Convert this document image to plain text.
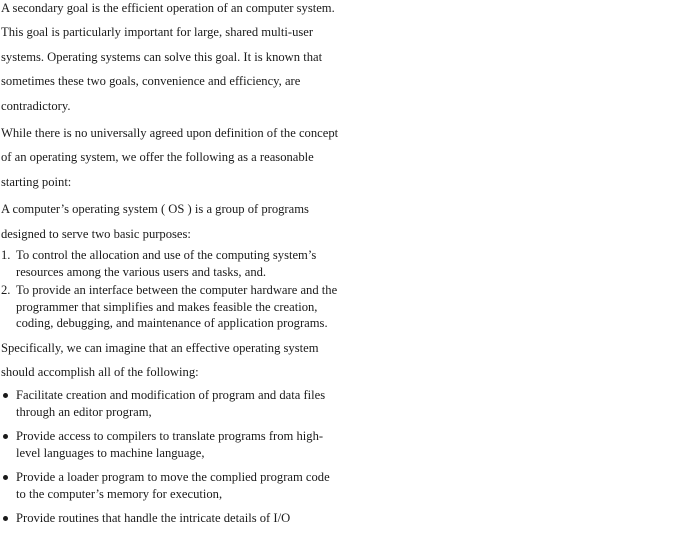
A secondary goal is the efficient operation of an computer system. This goal is particularly important for large, shared multi-user systems. Operating systems can solve this goal. It is known that sometimes these two goals, convenience and efficiency, are contradictory.

While there is no universally agreed upon definition of the concept of an operating system, we offer the following as a reasonable starting point:

A computer’s operating system ( OS ) is a group of programs designed to serve two basic purposes:

1. To control the allocation and use of the computing system’s resources among the various users and tasks, and.
2. To provide an interface between the computer hardware and the programmer that simplifies and makes feasible the creation, coding, debugging, and maintenance of application programs.

Specifically, we can imagine that an effective operating system should accomplish all of the following:

Facilitate creation and modification of program and data files through an editor program,
Provide access to compilers to translate programs from high-level languages to machine language,
Provide a loader program to move the complied program code to the computer’s memory for execution,
Provide routines that handle the intricate details of I/O
